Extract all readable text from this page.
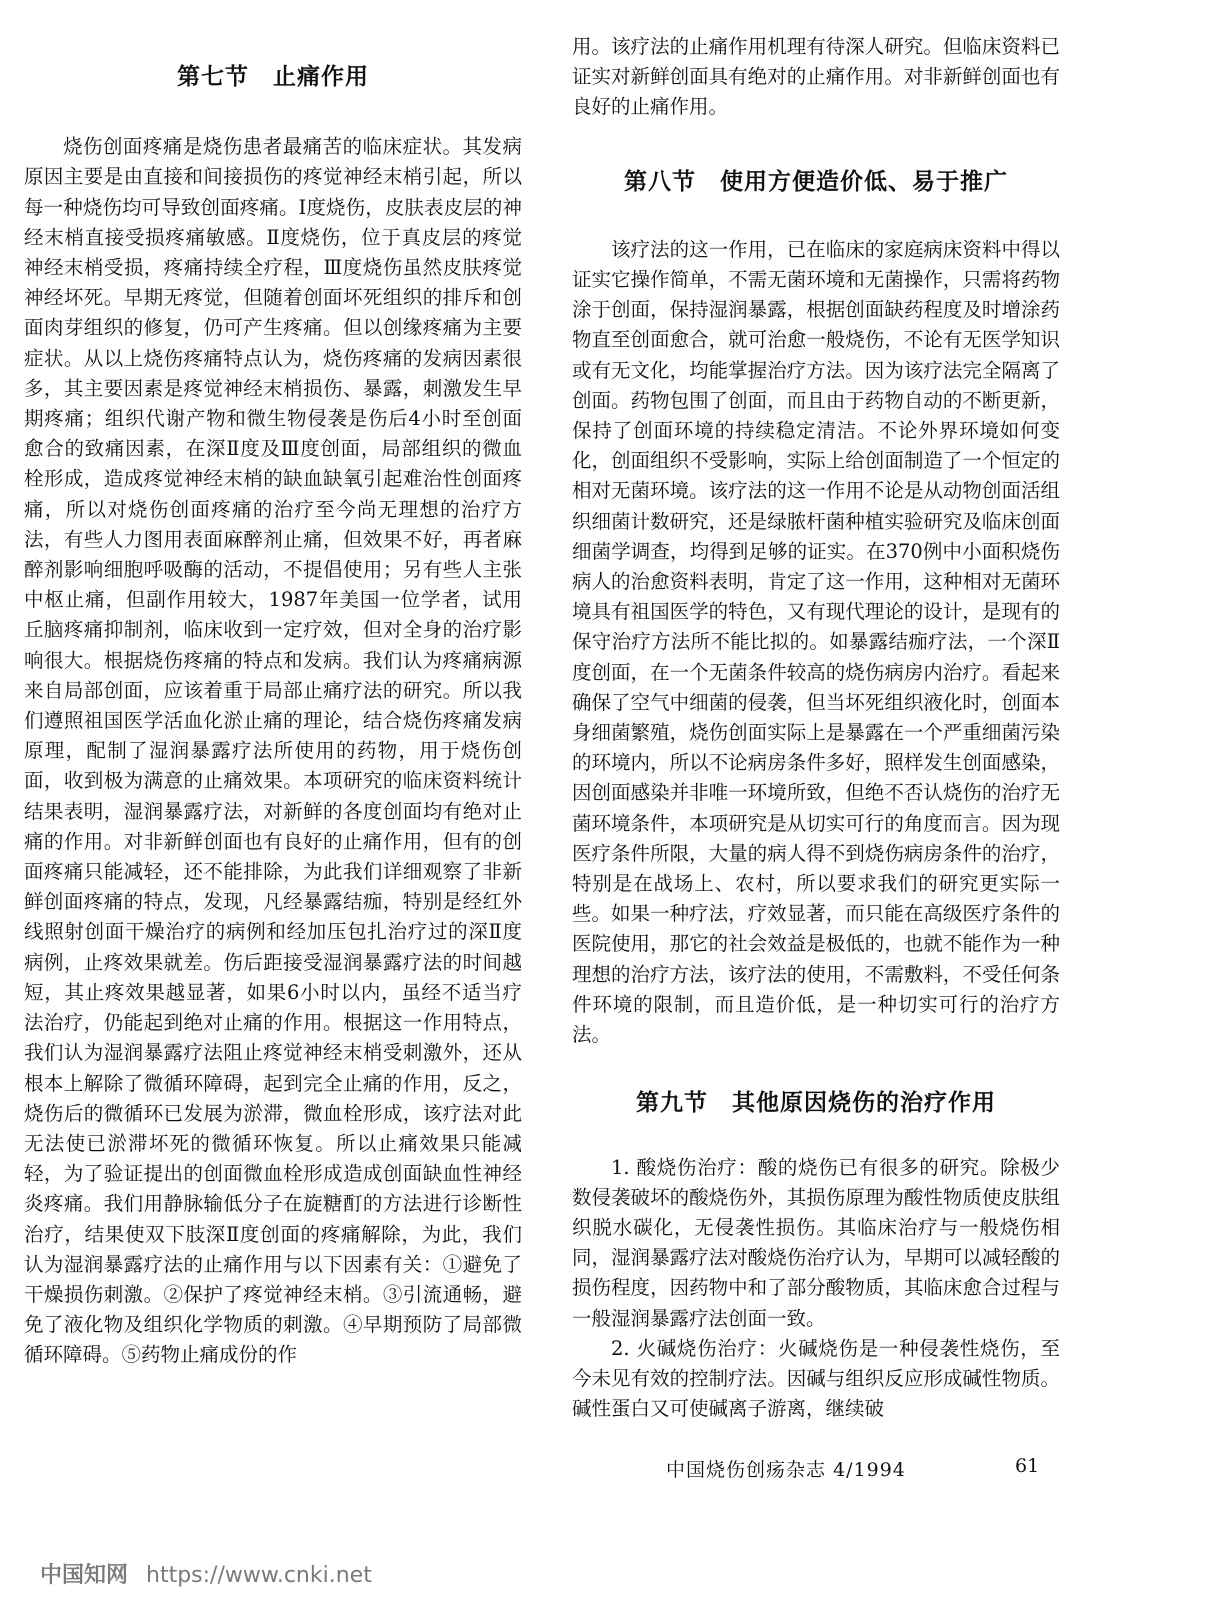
第七节 止痛作用

烧伤创面疼痛是烧伤患者最痛苦的临床症状。其发病原因主要是由直接和间接损伤的疼觉神经末梢引起，所以每一种烧伤均可导致创面疼痛。Ⅰ度烧伤，皮肤表皮层的神经末梢直接受损疼痛敏感。Ⅱ度烧伤，位于真皮层的疼觉神经末梢受损，疼痛持续全疗程，Ⅲ度烧伤虽然皮肤疼觉神经坏死。早期无疼觉，但随着创面坏死组织的排斥和创面肉芽组织的修复，仍可产生疼痛。但以创缘疼痛为主要症状。从以上烧伤疼痛特点认为，烧伤疼痛的发病因素很多，其主要因素是疼觉神经末梢损伤、暴露，刺激发生早期疼痛；组织代谢产物和微生物侵袭是伤后4小时至创面愈合的致痛因素，在深Ⅱ度及Ⅲ度创面，局部组织的微血栓形成，造成疼觉神经末梢的缺血缺氧引起难治性创面疼痛，所以对烧伤创面疼痛的治疗至今尚无理想的治疗方法，有些人力图用表面麻醉剂止痛，但效果不好，再者麻醉剂影响细胞呼吸酶的活动，不提倡使用；另有些人主张中枢止痛，但副作用较大，1987年美国一位学者，试用丘脑疼痛抑制剂，临床收到一定疗效，但对全身的治疗影响很大。根据烧伤疼痛的特点和发病。我们认为疼痛病源来自局部创面，应该着重于局部止痛疗法的研究。所以我们遵照祖国医学活血化淤止痛的理论，结合烧伤疼痛发病原理，配制了湿润暴露疗法所使用的药物，用于烧伤创面，收到极为满意的止痛效果。本项研究的临床资料统计结果表明，湿润暴露疗法，对新鲜的各度创面均有绝对止痛的作用。对非新鲜创面也有良好的止痛作用，但有的创面疼痛只能减轻，还不能排除，为此我们详细观察了非新鲜创面疼痛的特点，发现，凡经暴露结痂，特别是经红外线照射创面干燥治疗的病例和经加压包扎治疗过的深Ⅱ度病例，止疼效果就差。伤后距接受湿润暴露疗法的时间越短，其止疼效果越显著，如果6小时以内，虽经不适当疗法治疗，仍能起到绝对止痛的作用。根据这一作用特点，我们认为湿润暴露疗法阻止疼觉神经末梢受刺激外，还从根本上解除了微循环障碍，起到完全止痛的作用，反之，烧伤后的微循环已发展为淤滞，微血栓形成，该疗法对此无法使已淤滞坏死的微循环恢复。所以止痛效果只能减轻，为了验证提出的创面微血栓形成造成创面缺血性神经炎疼痛。我们用静脉输低分子在旋糖酊的方法进行诊断性治疗，结果使双下肢深Ⅱ度创面的疼痛解除，为此，我们认为湿润暴露疗法的止痛作用与以下因素有关：①避免了干燥损伤刺激。②保护了疼觉神经末梢。③引流通畅，避免了液化物及组织化学物质的刺激。④早期预防了局部微循环障碍。⑤药物止痛成份的作

用。该疗法的止痛作用机理有待深人研究。但临床资料已证实对新鲜创面具有绝对的止痛作用。对非新鲜创面也有良好的止痛作用。

第八节 使用方便造价低、易于推广

该疗法的这一作用，已在临床的家庭病床资料中得以证实它操作简单，不需无菌环境和无菌操作，只需将药物涂于创面，保持湿润暴露，根据创面缺药程度及时增涂药物直至创面愈合，就可治愈一般烧伤，不论有无医学知识或有无文化，均能掌握治疗方法。因为该疗法完全隔离了创面。药物包围了创面，而且由于药物自动的不断更新，保持了创面环境的持续稳定清洁。不论外界环境如何变化，创面组织不受影响，实际上给创面制造了一个恒定的相对无菌环境。该疗法的这一作用不论是从动物创面活组织细菌计数研究，还是绿脓杆菌种植实验研究及临床创面细菌学调查，均得到足够的证实。在370例中小面积烧伤病人的治愈资料表明，肯定了这一作用，这种相对无菌环境具有祖国医学的特色，又有现代理论的设计，是现有的保守治疗方法所不能比拟的。如暴露结痂疗法，一个深Ⅱ度创面，在一个无菌条件较高的烧伤病房内治疗。看起来确保了空气中细菌的侵袭，但当坏死组织液化时，创面本身细菌繁殖，烧伤创面实际上是暴露在一个严重细菌污染的环境内，所以不论病房条件多好，照样发生创面感染，因创面感染并非唯一环境所致，但绝不否认烧伤的治疗无菌环境条件，本项研究是从切实可行的角度而言。因为现医疗条件所限，大量的病人得不到烧伤病房条件的治疗，特别是在战场上、农村，所以要求我们的研究更实际一些。如果一种疗法，疗效显著，而只能在高级医疗条件的医院使用，那它的社会效益是极低的，也就不能作为一种理想的治疗方法，该疗法的使用，不需敷料，不受任何条件环境的限制，而且造价低，是一种切实可行的治疗方法。

第九节 其他原因烧伤的治疗作用

1. 酸烧伤治疗：酸的烧伤已有很多的研究。除极少数侵袭破坏的酸烧伤外，其损伤原理为酸性物质使皮肤组织脱水碳化，无侵袭性损伤。其临床治疗与一般烧伤相同，湿润暴露疗法对酸烧伤治疗认为，早期可以减轻酸的损伤程度，因药物中和了部分酸物质，其临床愈合过程与一般湿润暴露疗法创面一致。

2. 火碱烧伤治疗：火碱烧伤是一种侵袭性烧伤，至今未见有效的控制疗法。因碱与组织反应形成碱性物质。碱性蛋白又可使碱离子游离，继续破

中国烧伤创疡杂志 4/1994	61
中国知网 https://www.cnki.net
